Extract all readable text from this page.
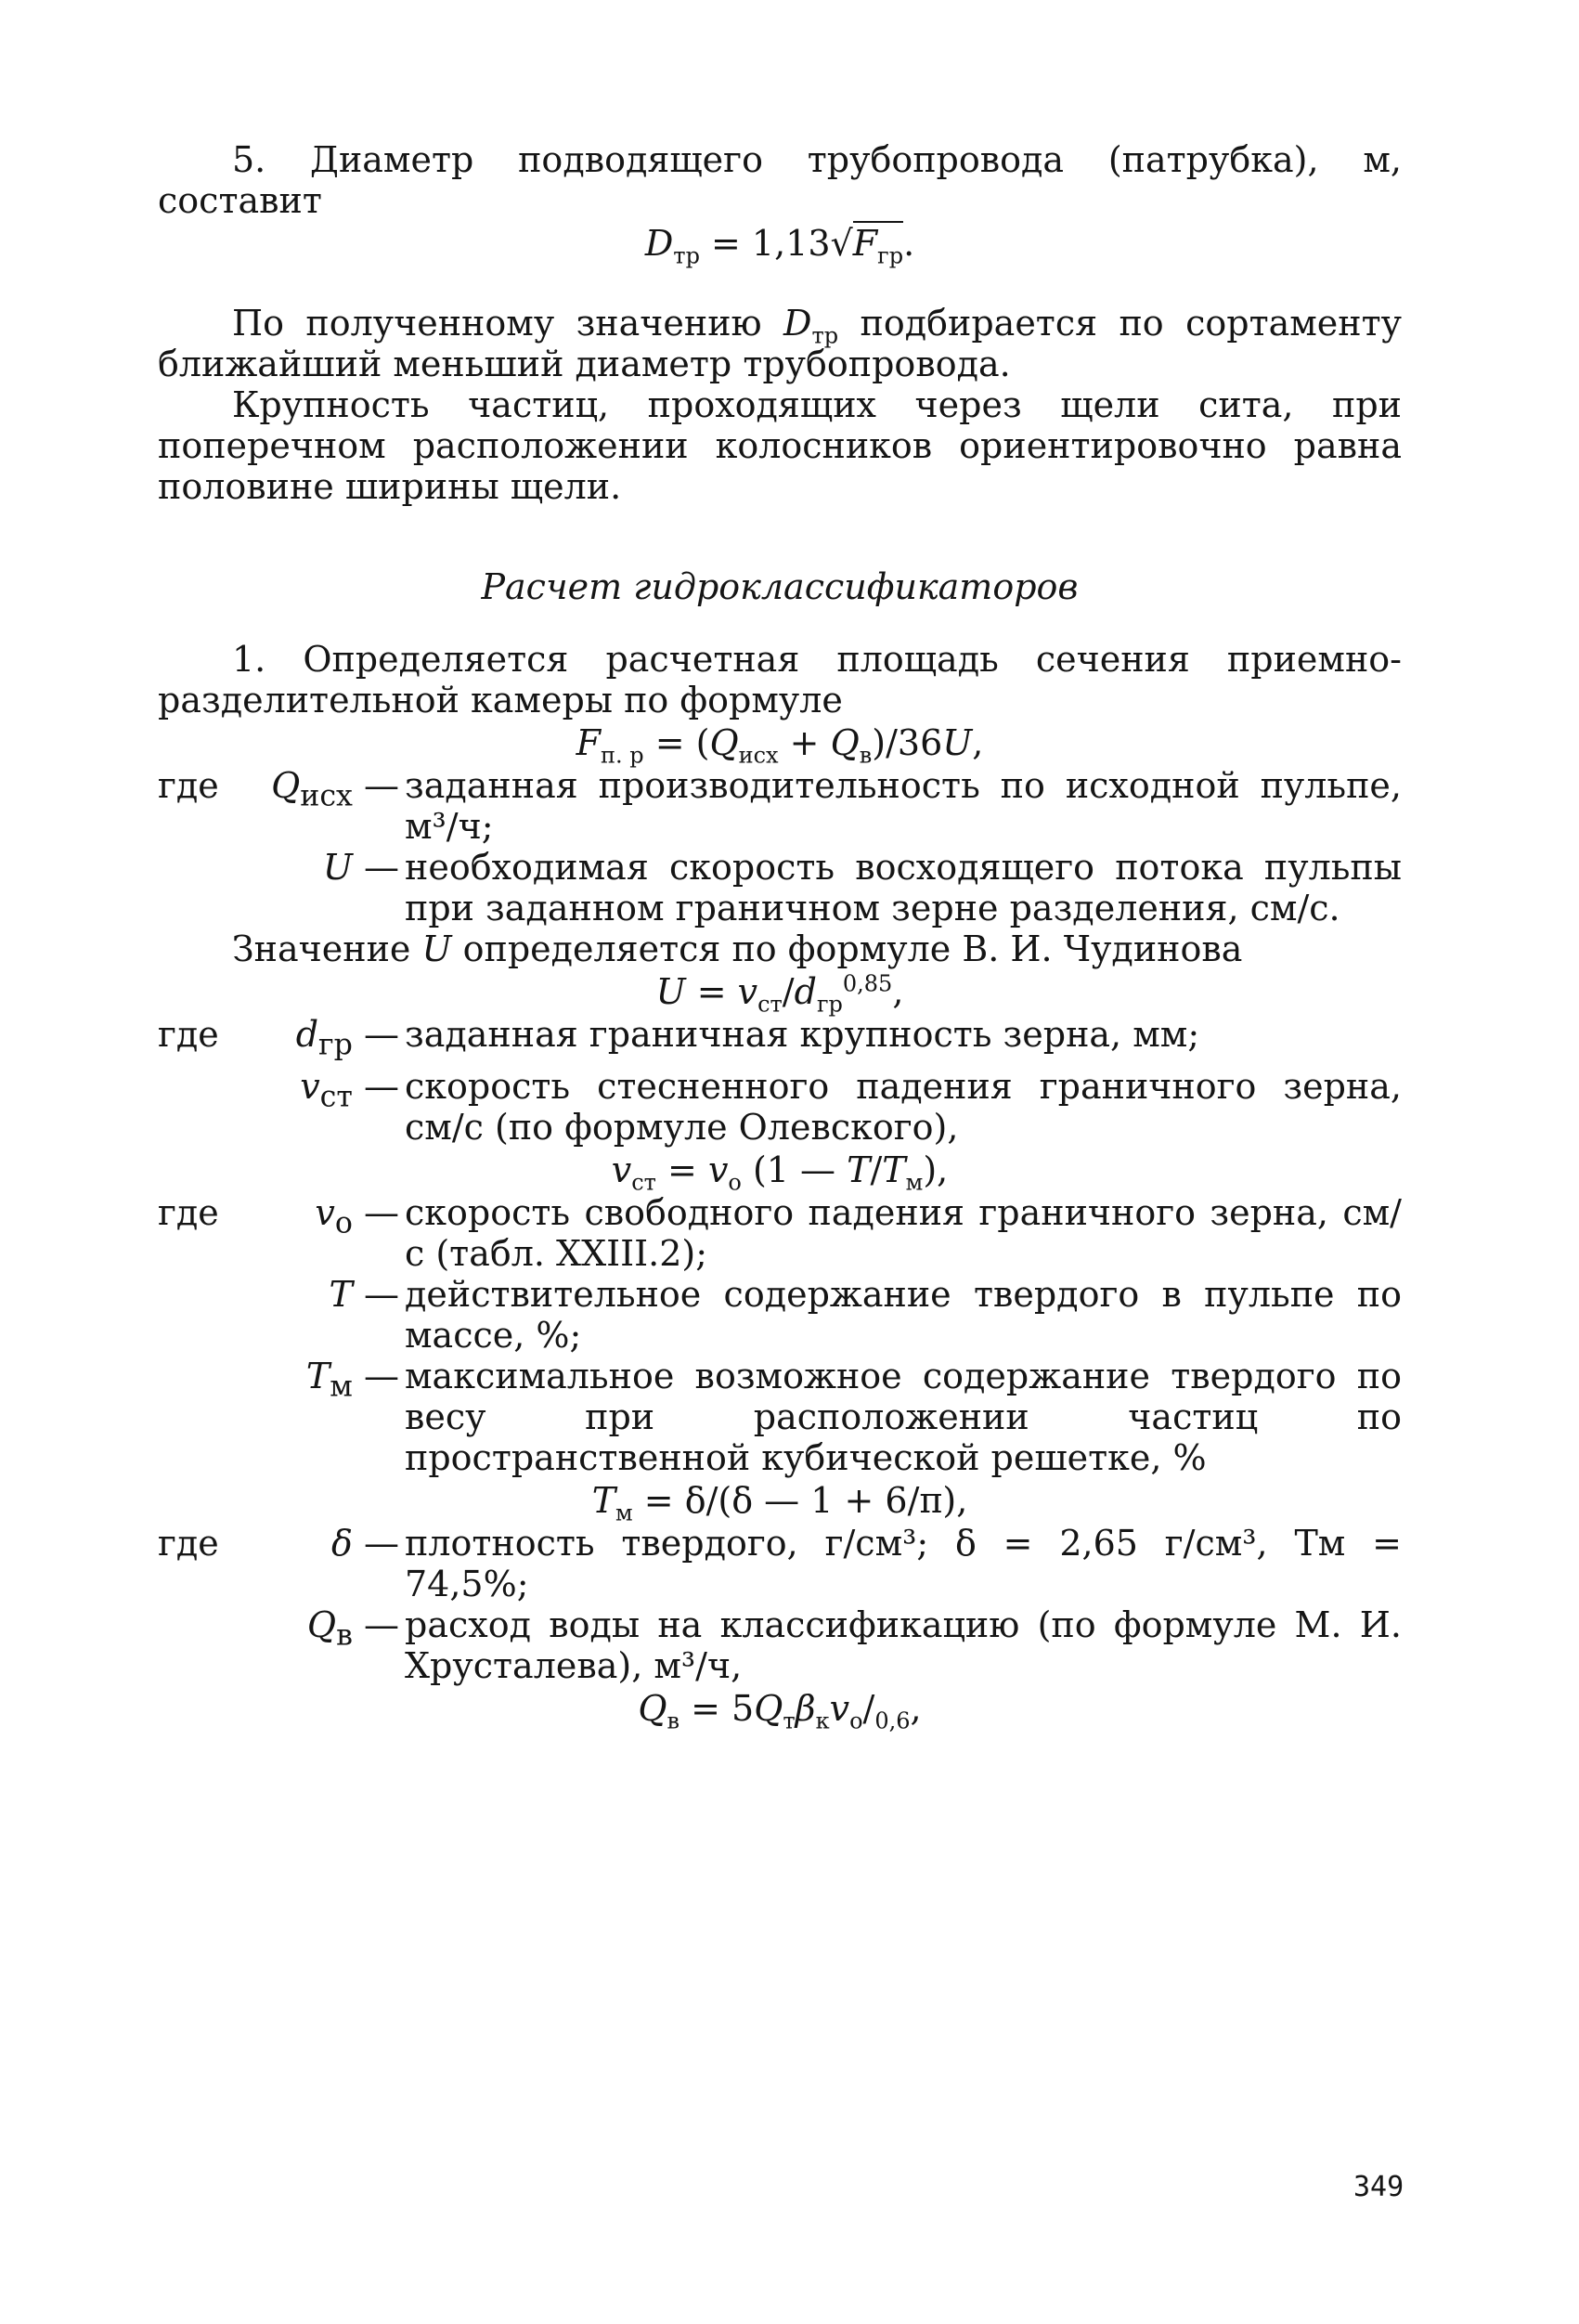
5. Диаметр подводящего трубопровода (патрубка), м, составит

$D_{тр} = 1,13√F_{гр}$.

По полученному значению $D_{тр}$ подбирается по сортаменту ближайший меньший диаметр трубопровода.

Крупность частиц, проходящих через щели сита, при поперечном расположении колосников ориентировочно равна половине ширины щели.

Расчет гидроклассификаторов

1. Определяется расчетная площадь сечения приемно-разделительной камеры по формуле

$F_{п. р} = (Q_{исх} + Q_в)/36U$,

где	$Q_{исх}$ — заданная производительность по исходной пульпе, м³/ч;
U — необходимая скорость восходящего потока пульпы при заданном граничном зерне разделения, см/с.

Значение U определяется по формуле В. И. Чудинова

$U = v_{ст}/d_{гр}^{0,85}$,

где	$d_{гр}$ — заданная граничная крупность зерна, мм;
$v_{ст}$ — скорость стесненного падения граничного зерна, см/с (по формуле Олевского),

$v_{ст} = v_о$ (1 — $T/T_м$),

где	$v_о$ — скорость свободного падения граничного зерна, см/с (табл. XXIII.2);
T — действительное содержание твердого в пульпе по массе, %;
$T_м$ — максимальное возможное содержание твердого по весу при расположении частиц по пространственной кубической решетке, %

$T_м = \delta/(\delta$ — 1 + 6/π),

где	δ — плотность твердого, г/см³; δ = 2,65 г/см³, Tм = 74,5%;
$Q_в$ — расход воды на классификацию (по формуле М. И. Хрусталева), м³/ч,

$Q_в = 5Q_т\beta_кv_о/_{0,6}$,

349
